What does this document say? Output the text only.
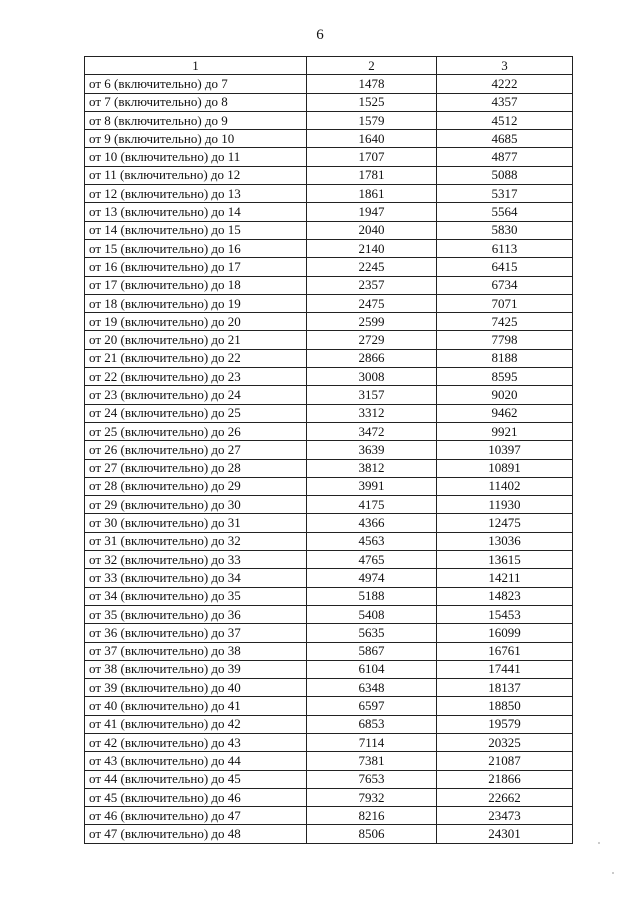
6
1	2	3
от 6 (включительно) до 7	1478	4222
от 7 (включительно) до 8	1525	4357
от 8 (включительно) до 9	1579	4512
от 9 (включительно) до 10	1640	4685
от 10 (включительно) до 11	1707	4877
от 11 (включительно) до 12	1781	5088
от 12 (включительно) до 13	1861	5317
от 13 (включительно) до 14	1947	5564
от 14 (включительно) до 15	2040	5830
от 15 (включительно) до 16	2140	6113
от 16 (включительно) до 17	2245	6415
от 17 (включительно) до 18	2357	6734
от 18 (включительно) до 19	2475	7071
от 19 (включительно) до 20	2599	7425
от 20 (включительно) до 21	2729	7798
от 21 (включительно) до 22	2866	8188
от 22 (включительно) до 23	3008	8595
от 23 (включительно) до 24	3157	9020
от 24 (включительно) до 25	3312	9462
от 25 (включительно) до 26	3472	9921
от 26 (включительно) до 27	3639	10397
от 27 (включительно) до 28	3812	10891
от 28 (включительно) до 29	3991	11402
от 29 (включительно) до 30	4175	11930
от 30 (включительно) до 31	4366	12475
от 31 (включительно) до 32	4563	13036
от 32 (включительно) до 33	4765	13615
от 33 (включительно) до 34	4974	14211
от 34 (включительно) до 35	5188	14823
от 35 (включительно) до 36	5408	15453
от 36 (включительно) до 37	5635	16099
от 37 (включительно) до 38	5867	16761
от 38 (включительно) до 39	6104	17441
от 39 (включительно) до 40	6348	18137
от 40 (включительно) до 41	6597	18850
от 41 (включительно) до 42	6853	19579
от 42 (включительно) до 43	7114	20325
от 43 (включительно) до 44	7381	21087
от 44 (включительно) до 45	7653	21866
от 45 (включительно) до 46	7932	22662
от 46 (включительно) до 47	8216	23473
от 47 (включительно) до 48	8506	24301
